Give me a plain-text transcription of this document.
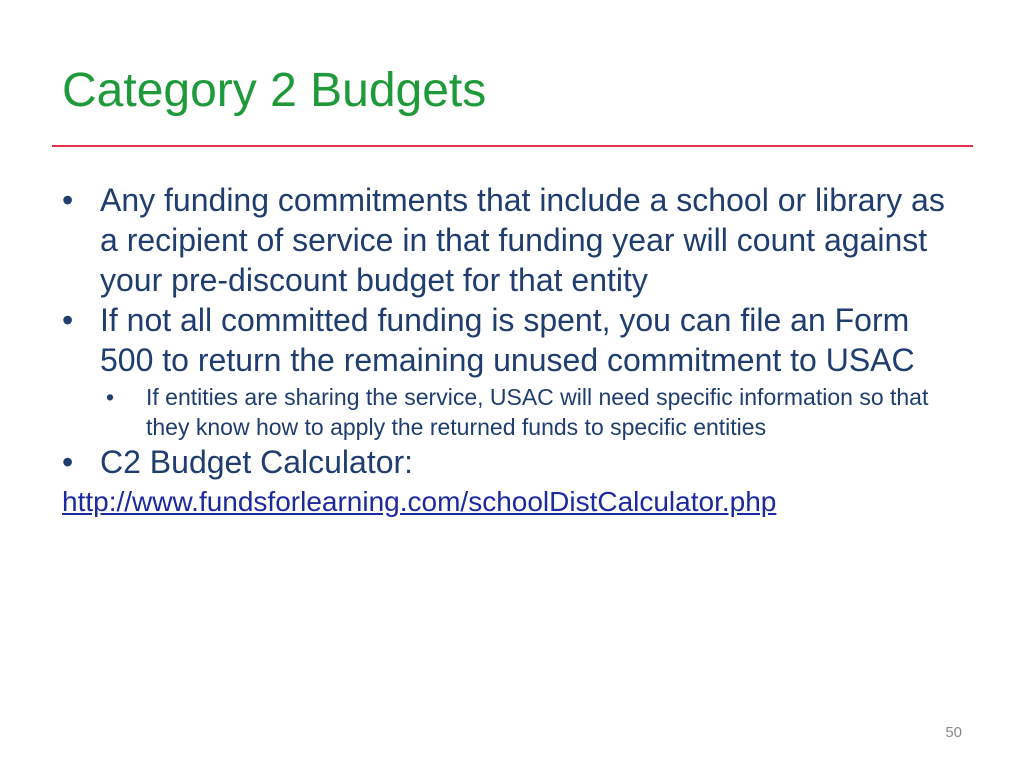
Category 2 Budgets

• Any funding commitments that include a school or library as a recipient of service in that funding year will count against your pre-discount budget for that entity

• If not all committed funding is spent, you can file an Form 500 to return the remaining unused commitment to USAC

• If entities are sharing the service, USAC will need specific information so that they know how to apply the returned funds to specific entities

• C2 Budget Calculator:

http://www.fundsforlearning.com/schoolDistCalculator.php

50
